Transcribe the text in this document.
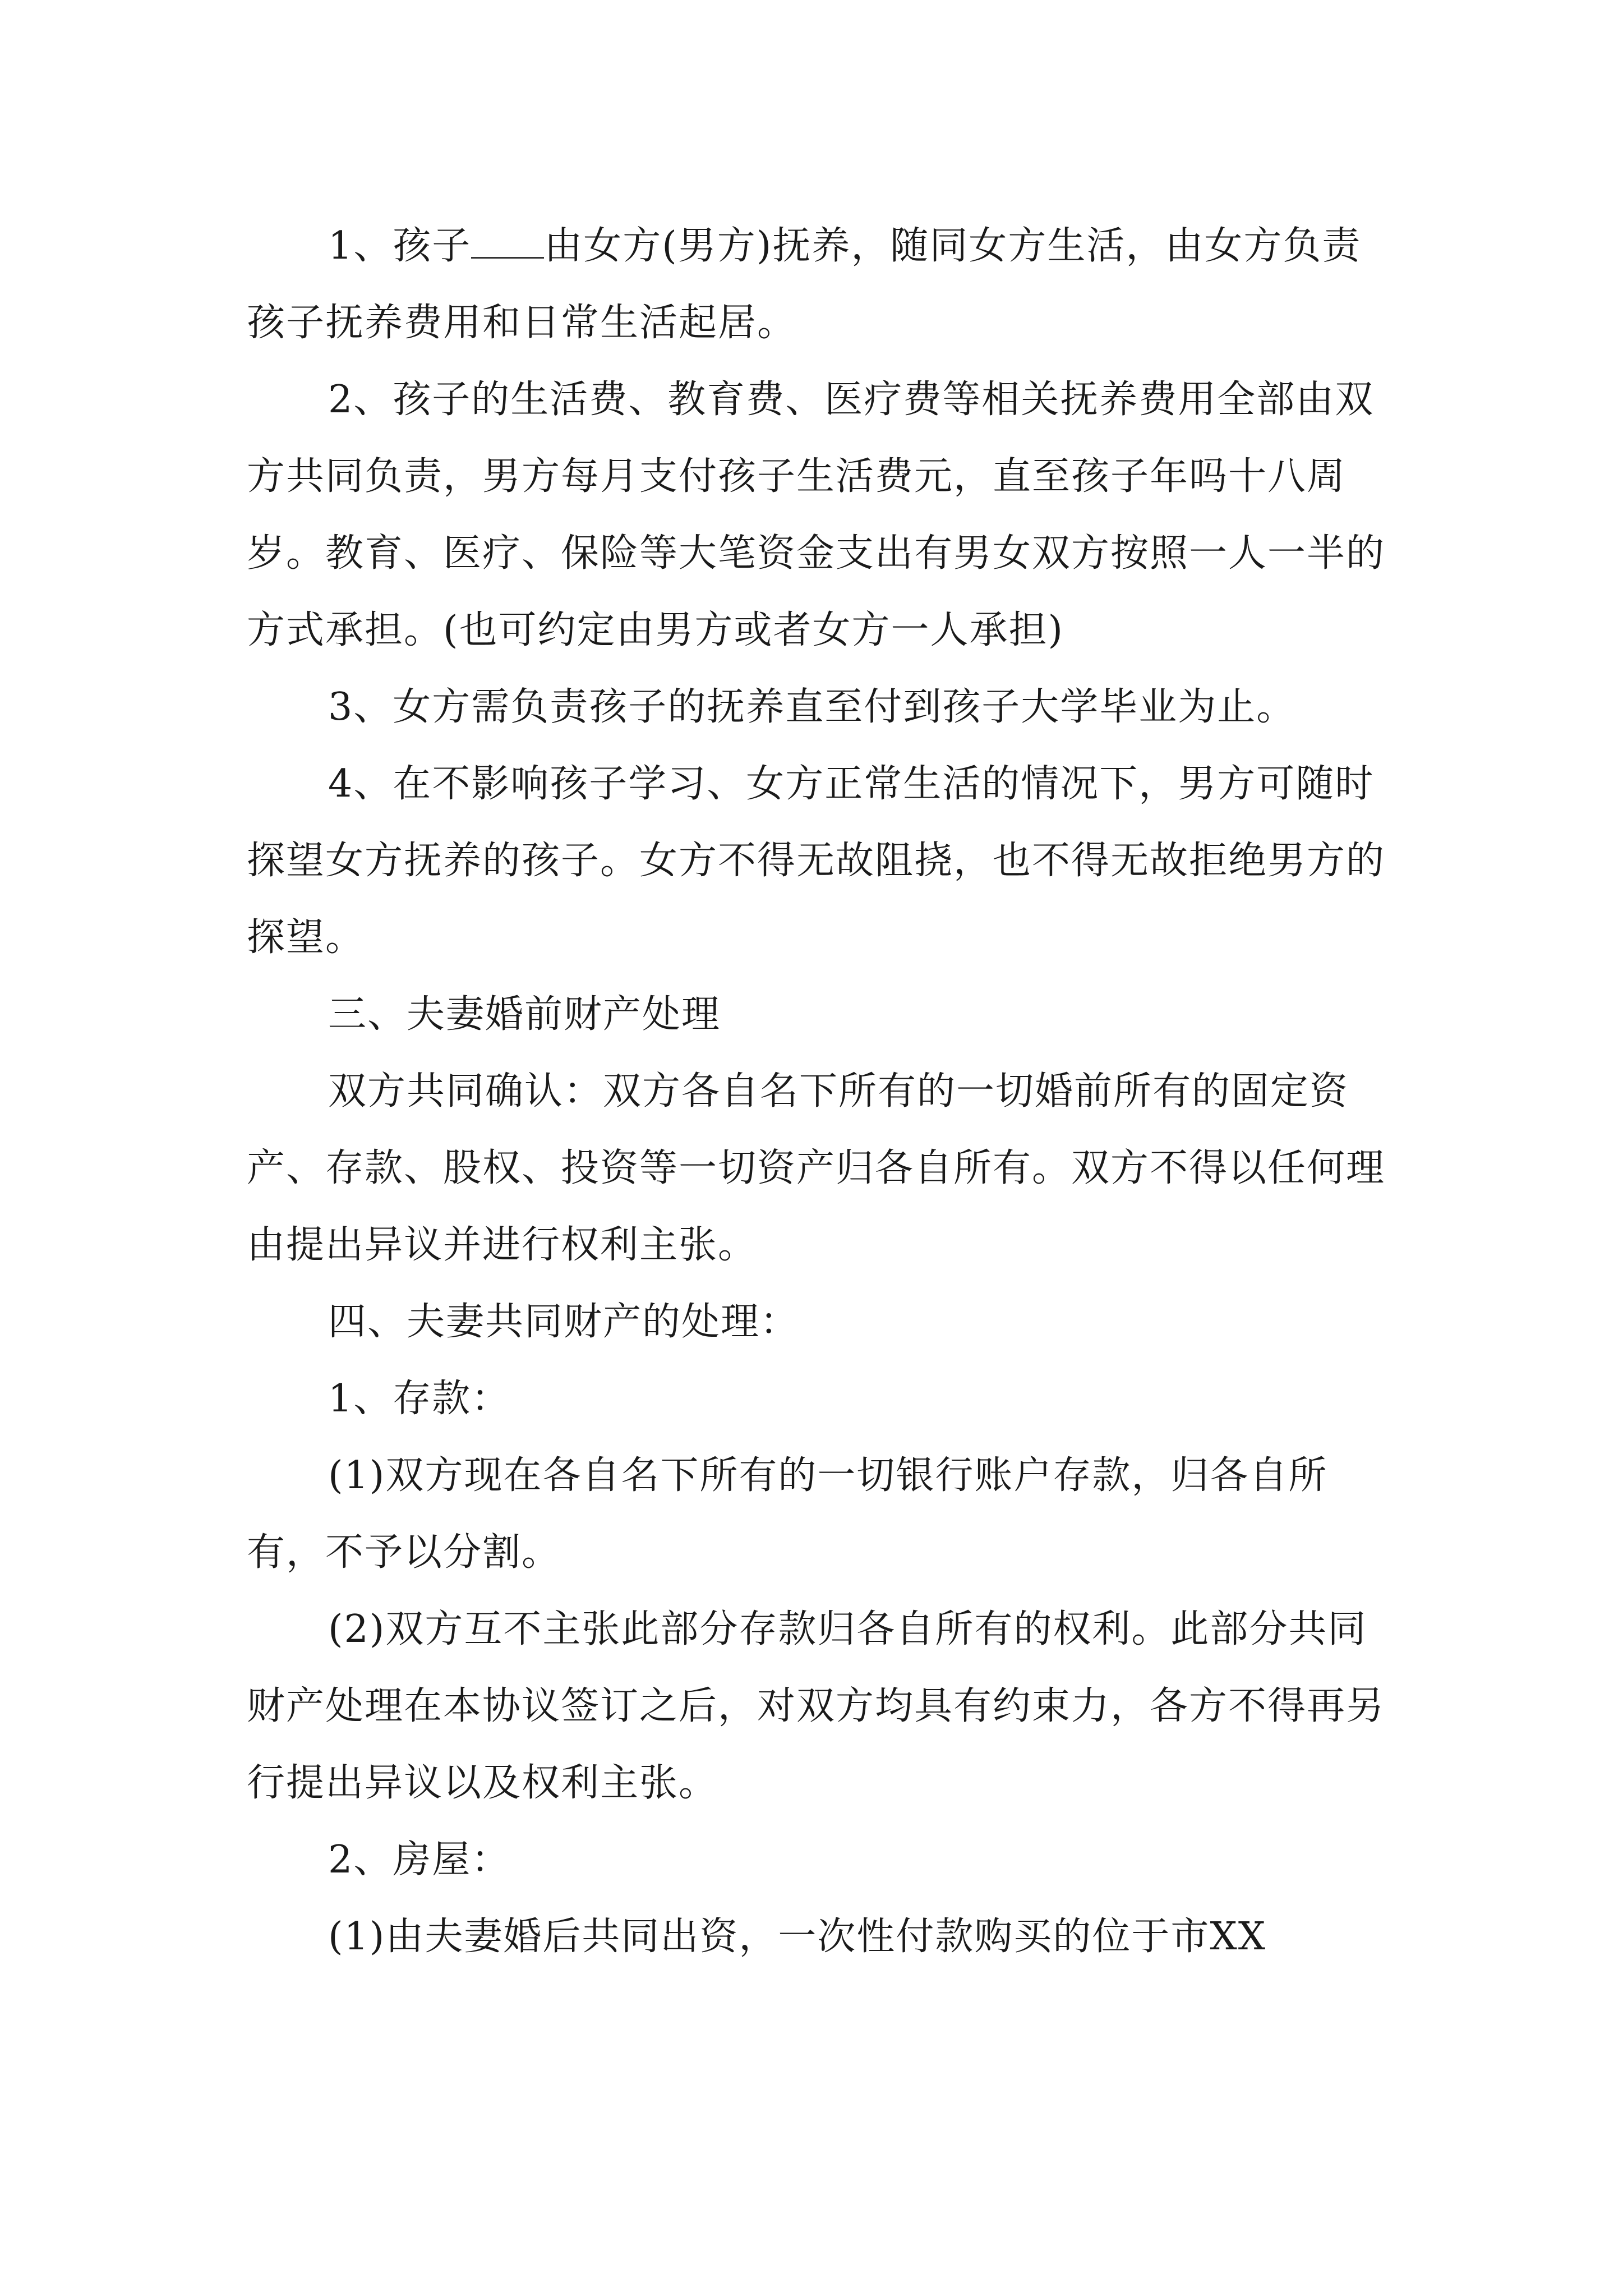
1、孩子 由女方(男方)抚养，随同女方生活，由女方负责孩子抚养费用和日常生活起居。

2、孩子的生活费、教育费、医疗费等相关抚养费用全部由双方共同负责，男方每月支付孩子生活费元，直至孩子年吗十八周岁。教育、医疗、保险等大笔资金支出有男女双方按照一人一半的方式承担。(也可约定由男方或者女方一人承担)

3、女方需负责孩子的抚养直至付到孩子大学毕业为止。

4、在不影响孩子学习、女方正常生活的情况下，男方可随时探望女方抚养的孩子。女方不得无故阻挠，也不得无故拒绝男方的探望。

三、夫妻婚前财产处理

双方共同确认：双方各自名下所有的一切婚前所有的固定资产、存款、股权、投资等一切资产归各自所有。双方不得以任何理由提出异议并进行权利主张。

四、夫妻共同财产的处理：

1、存款：

(1)双方现在各自名下所有的一切银行账户存款，归各自所有，不予以分割。

(2)双方互不主张此部分存款归各自所有的权利。此部分共同财产处理在本协议签订之后，对双方均具有约束力，各方不得再另行提出异议以及权利主张。

2、房屋：

(1)由夫妻婚后共同出资，一次性付款购买的位于市XX
